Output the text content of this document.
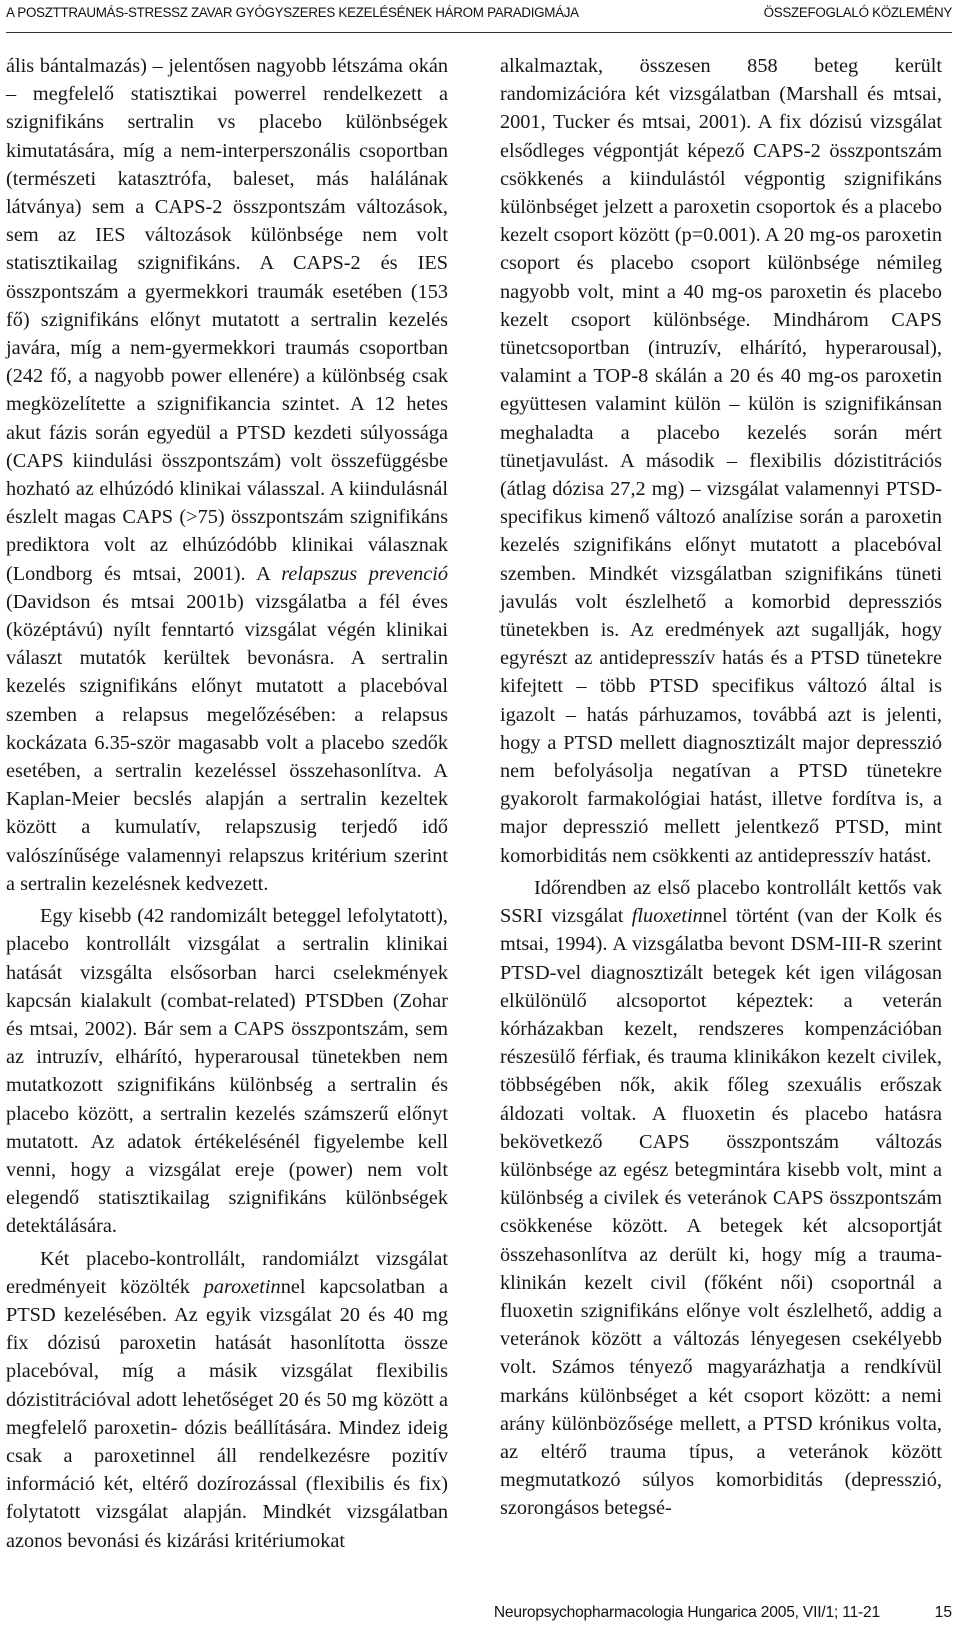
A POSZTTRAUMÁS-STRESSZ ZAVAR GYÓGYSZERES KEZELÉSÉNEK HÁROM PARADIGMÁJA	ÖSSZEFOGLALÓ KÖZLEMÉNY

ális bántalmazás) – jelentősen nagyobb létszáma okán – megfelelő statisztikai powerrel rendelkezett a szignifikáns sertralin vs placebo különbségek kimutatására, míg a nem-interperszonális csoportban (természeti katasztrófa, baleset, más halálának látványa) sem a CAPS-2 összpontszám változások, sem az IES változások különbsége nem volt statisztikailag szignifikáns. A CAPS-2 és IES összpontszám a gyermekkori traumák esetében (153 fő) szignifikáns előnyt mutatott a sertralin kezelés javára, míg a nem-gyermekkori traumás csoportban (242 fő, a nagyobb power ellenére) a különbség csak megközelítette a szignifikancia szintet. A 12 hetes akut fázis során egyedül a PTSD kezdeti súlyossága (CAPS kiindulási összpontszám) volt összefüggésbe hozható az elhúzódó klinikai válasszal. A kiindulásnál észlelt magas CAPS (>75) összpontszám szignifikáns prediktora volt az elhúzódóbb klinikai válasznak (Londborg és mtsai, 2001). A relapszus prevenció (Davidson és mtsai 2001b) vizsgálatba a fél éves (középtávú) nyílt fenntartó vizsgálat végén klinikai választ mutatók kerültek bevonásra. A sertralin kezelés szignifikáns előnyt mutatott a placebóval szemben a relapsus megelőzésében: a relapsus kockázata 6.35-ször magasabb volt a placebo szedők esetében, a sertralin kezeléssel összehasonlítva. A Kaplan-Meier becslés alapján a sertralin kezeltek között a kumulatív, relapszusig terjedő idő valószínűsége valamennyi relapszus kritérium szerint a sertralin kezelésnek kedvezett.

Egy kisebb (42 randomizált beteggel lefolytatott), placebo kontrollált vizsgálat a sertralin klinikai hatását vizsgálta elsősorban harci cselekmények kapcsán kialakult (combat-related) PTSDben (Zohar és mtsai, 2002). Bár sem a CAPS összpontszám, sem az intruzív, elhárító, hyperarousal tünetekben nem mutatkozott szignifikáns különbség a sertralin és placebo között, a sertralin kezelés számszerű előnyt mutatott. Az adatok értékelésénél figyelembe kell venni, hogy a vizsgálat ereje (power) nem volt elegendő statisztikailag szignifikáns különbségek detektálására.

Két placebo-kontrollált, randomiálzt vizsgálat eredményeit közölték paroxetinnel kapcsolatban a PTSD kezelésében. Az egyik vizsgálat 20 és 40 mg fix dózisú paroxetin hatását hasonlította össze placebóval, míg a másik vizsgálat flexibilis dózistitrációval adott lehetőséget 20 és 50 mg között a megfelelő paroxetin- dózis beállítására. Mindez ideig csak a paroxetinnel áll rendelkezésre pozitív információ két, eltérő dozírozással (flexibilis és fix) folytatott vizsgálat alapján. Mindkét vizsgálatban azonos bevonási és kizárási kritériumokat

alkalmaztak, összesen 858 beteg került randomizációra két vizsgálatban (Marshall és mtsai, 2001, Tucker és mtsai, 2001). A fix dózisú vizsgálat elsődleges végpontját képező CAPS-2 összpontszám csökkenés a kiindulástól végpontig szignifikáns különbséget jelzett a paroxetin csoportok és a placebo kezelt csoport között (p=0.001). A 20 mg-os paroxetin csoport és placebo csoport különbsége némileg nagyobb volt, mint a 40 mg-os paroxetin és placebo kezelt csoport különbsége. Mindhárom CAPS tünetcsoportban (intruzív, elhárító, hyperarousal), valamint a TOP-8 skálán a 20 és 40 mg-os paroxetin együttesen valamint külön – külön is szignifikánsan meghaladta a placebo kezelés során mért tünetjavulást. A második – flexibilis dózistitrációs (átlag dózisa 27,2 mg) – vizsgálat valamennyi PTSD-specifikus kimenő változó analízise során a paroxetin kezelés szignifikáns előnyt mutatott a placebóval szemben. Mindkét vizsgálatban szignifikáns tüneti javulás volt észlelhető a komorbid depressziós tünetekben is. Az eredmények azt sugallják, hogy egyrészt az antidepresszív hatás és a PTSD tünetekre kifejtett – több PTSD specifikus változó által is igazolt – hatás párhuzamos, továbbá azt is jelenti, hogy a PTSD mellett diagnosztizált major depresszió nem befolyásolja negatívan a PTSD tünetekre gyakorolt farmakológiai hatást, illetve fordítva is, a major depresszió mellett jelentkező PTSD, mint komorbiditás nem csökkenti az antidepresszív hatást.

Időrendben az első placebo kontrollált kettős vak SSRI vizsgálat fluoxetinnel történt (van der Kolk és mtsai, 1994). A vizsgálatba bevont DSM-III-R szerint PTSD-vel diagnosztizált betegek két igen világosan elkülönülő alcsoportot képeztek: a veterán kórházakban kezelt, rendszeres kompenzációban részesülő férfiak, és trauma klinikákon kezelt civilek, többségében nők, akik főleg szexuális erőszak áldozati voltak. A fluoxetin és placebo hatásra bekövetkező CAPS összpontszám változás különbsége az egész betegmintára kisebb volt, mint a különbség a civilek és veteránok CAPS összpontszám csökkenése között. A betegek két alcsoportját összehasonlítva az derült ki, hogy míg a trauma-klinikán kezelt civil (főként női) csoportnál a fluoxetin szignifikáns előnye volt észlelhető, addig a veteránok között a változás lényegesen csekélyebb volt. Számos tényező magyarázhatja a rendkívül markáns különbséget a két csoport között: a nemi arány különbözősége mellett, a PTSD krónikus volta, az eltérő trauma típus, a veteránok között megmutatkozó súlyos komorbiditás (depresszió, szorongásos betegsé-

Neuropsychopharmacologia Hungarica 2005, VII/1; 11-21	15
